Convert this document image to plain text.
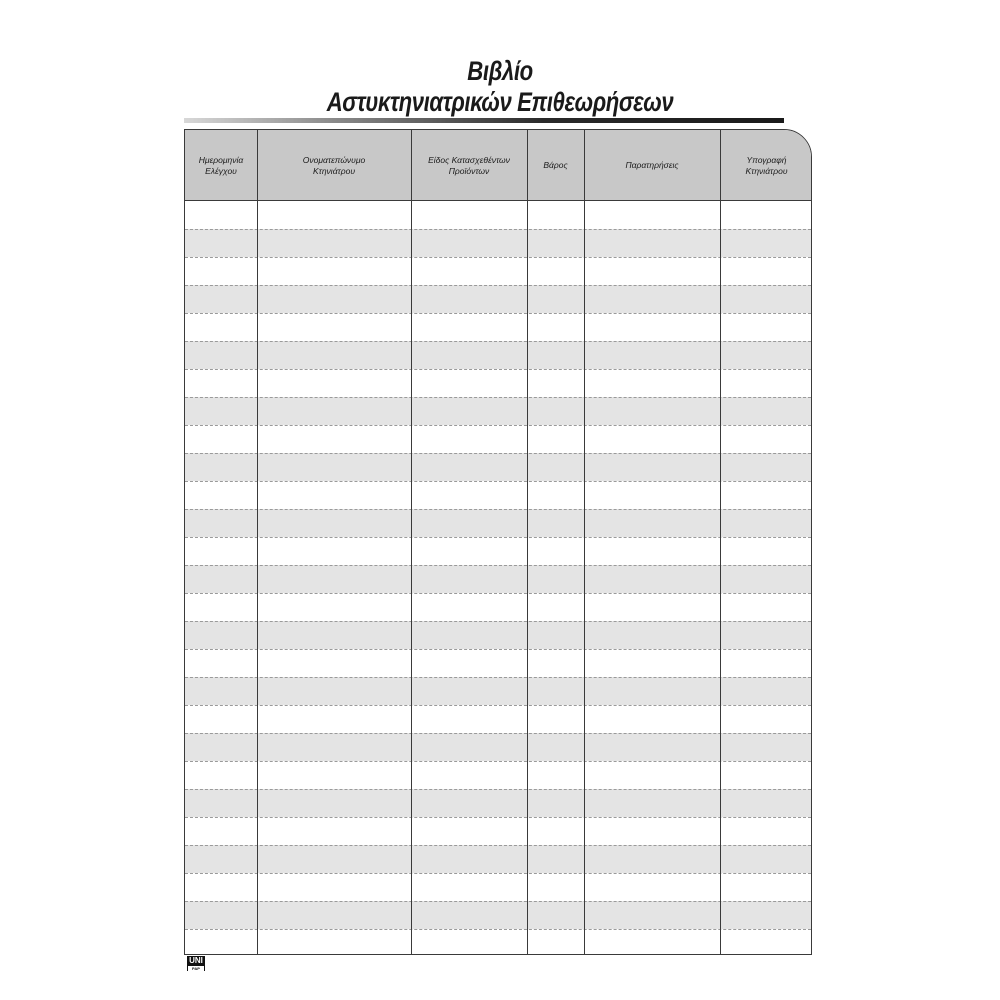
Βιβλίο
Αστυκτηνιατρικών Επιθεωρήσεων
Ημερομηνία
Ελέγχου
Ονοματεπώνυμο
Κτηνιάτρου
Είδος Κατασχεθέντων
Προϊόντων
Βάρος	Παρατηρήσεις
Υπογραφή
Κτηνιάτρου
UNI
PAP
